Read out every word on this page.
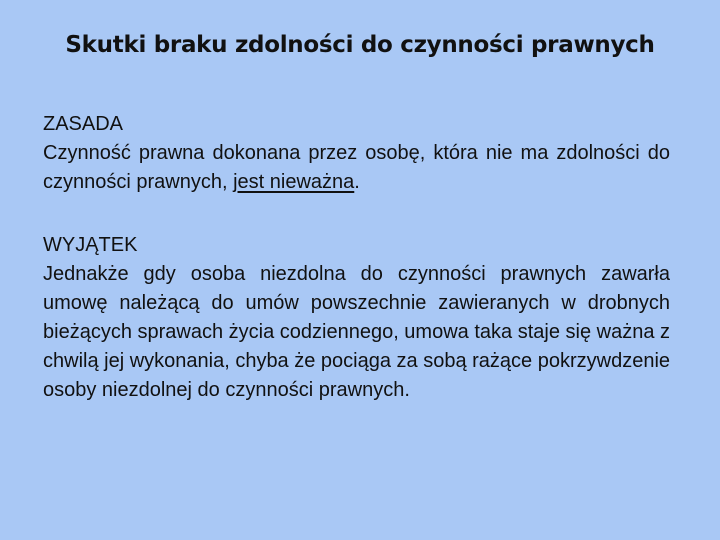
Skutki braku zdolności do czynności prawnych
ZASADA
Czynność prawna dokonana przez osobę, która nie ma zdolności do czynności prawnych, jest nieważna.
WYJĄTEK
Jednakże gdy osoba niezdolna do czynności prawnych zawarła umowę należącą do umów powszechnie zawieranych w drobnych bieżących sprawach życia codziennego, umowa taka staje się ważna z chwilą jej wykonania, chyba że pociąga za sobą rażące pokrzywdzenie osoby niezdolnej do czynności prawnych.
